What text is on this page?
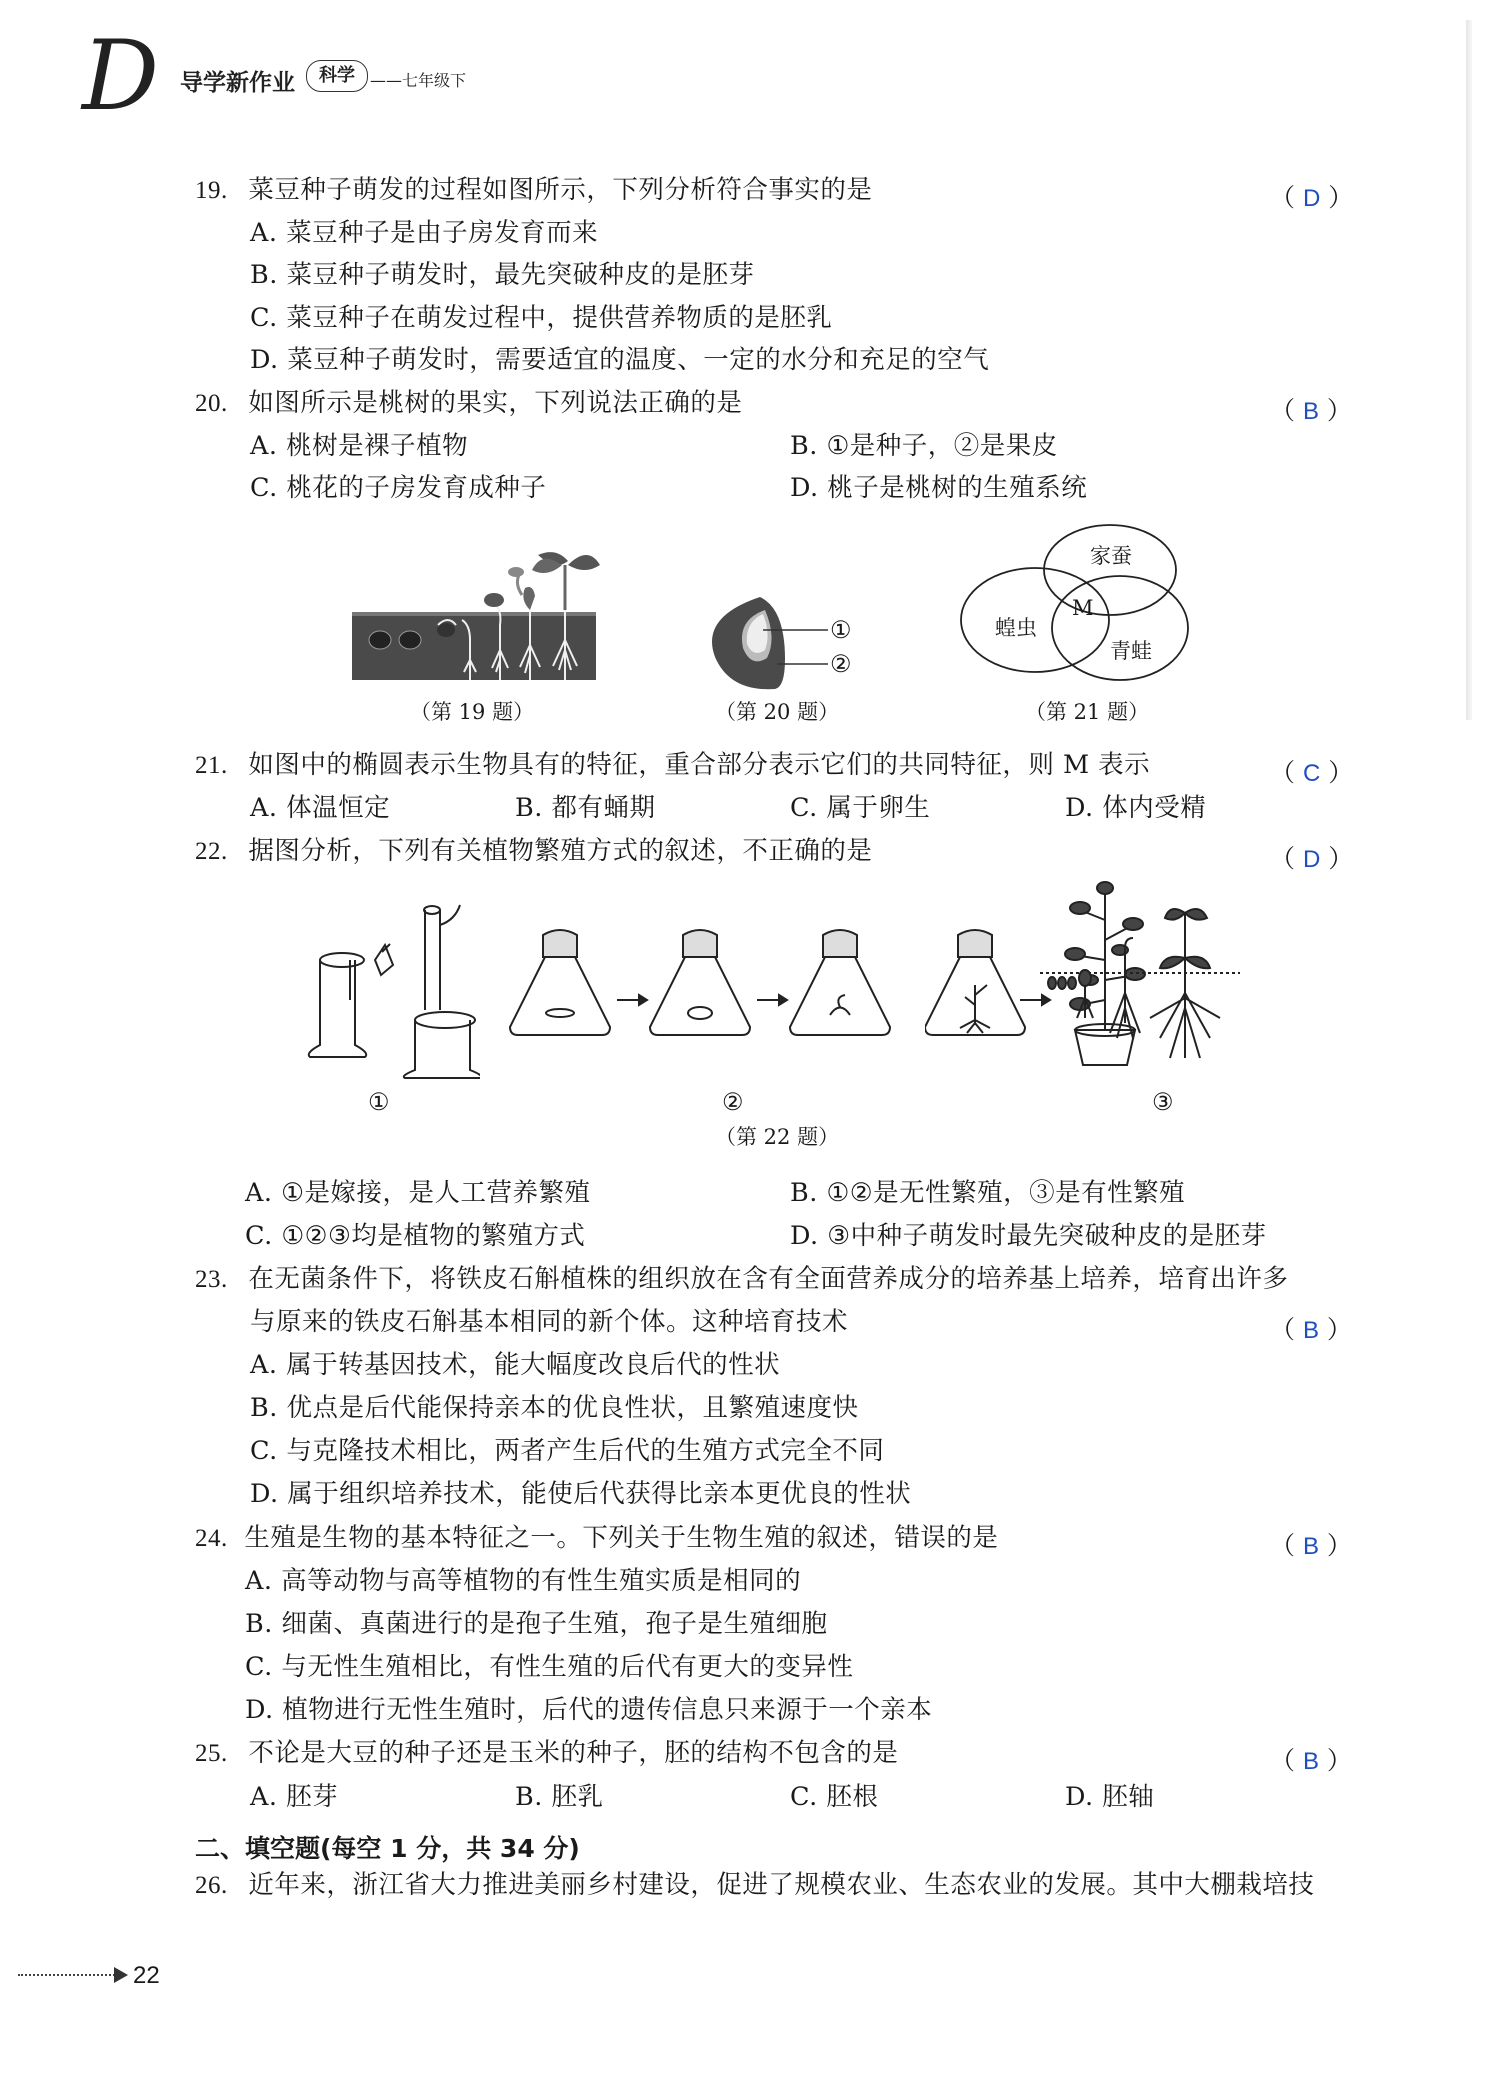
D 导学新作业	科学 ——七年级下
19. 菜豆种子萌发的过程如图所示，下列分析符合事实的是	（ D ）
A. 菜豆种子是由子房发育而来
B. 菜豆种子萌发时，最先突破种皮的是胚芽
C. 菜豆种子在萌发过程中，提供营养物质的是胚乳
D. 菜豆种子萌发时，需要适宜的温度、一定的水分和充足的空气
20. 如图所示是桃树的果实，下列说法正确的是	（ B ）
A. 桃树是裸子植物	B. ①是种子，②是果皮
C. 桃花的子房发育成种子	D. 桃子是桃树的生殖系统
（第 19 题）
①
②
（第 20 题）
家蚕
蝗虫
青蛙
M
（第 21 题）
21. 如图中的椭圆表示生物具有的特征，重合部分表示它们的共同特征，则 M 表示	（ C ）
A. 体温恒定	B. 都有蛹期	C. 属于卵生	D. 体内受精
22. 据图分析，下列有关植物繁殖方式的叙述，不正确的是	（ D ）
①	②	③
（第 22 题）
A. ①是嫁接，是人工营养繁殖	B. ①②是无性繁殖，③是有性繁殖
C. ①②③均是植物的繁殖方式	D. ③中种子萌发时最先突破种皮的是胚芽
23. 在无菌条件下，将铁皮石斛植株的组织放在含有全面营养成分的培养基上培养，培育出许多
与原来的铁皮石斛基本相同的新个体。这种培育技术	（ B ）
A. 属于转基因技术，能大幅度改良后代的性状
B. 优点是后代能保持亲本的优良性状，且繁殖速度快
C. 与克隆技术相比，两者产生后代的生殖方式完全不同
D. 属于组织培养技术，能使后代获得比亲本更优良的性状
24. 生殖是生物的基本特征之一。下列关于生物生殖的叙述，错误的是	（ B ）
A. 高等动物与高等植物的有性生殖实质是相同的
B. 细菌、真菌进行的是孢子生殖，孢子是生殖细胞
C. 与无性生殖相比，有性生殖的后代有更大的变异性
D. 植物进行无性生殖时，后代的遗传信息只来源于一个亲本
25. 不论是大豆的种子还是玉米的种子，胚的结构不包含的是	（ B ）
A. 胚芽	B. 胚乳	C. 胚根	D. 胚轴
二、填空题(每空 1 分，共 34 分)
26. 近年来，浙江省大力推进美丽乡村建设，促进了规模农业、生态农业的发展。其中大棚栽培技
22
